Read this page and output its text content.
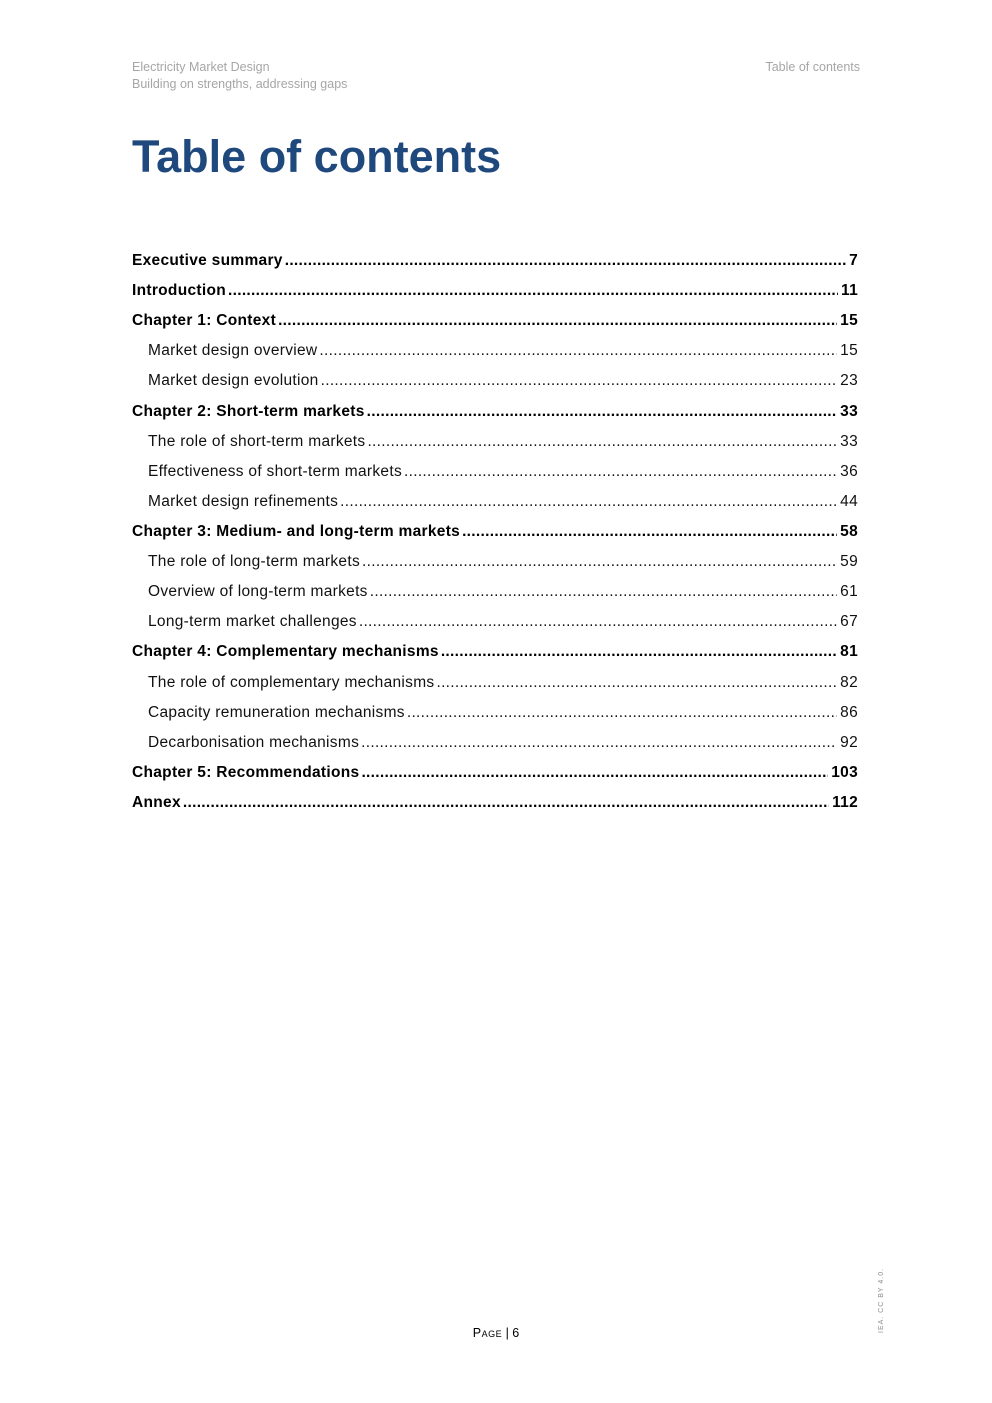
Electricity Market Design
Building on strengths, addressing gaps
Table of contents
Table of contents
Executive summary .....	7
Introduction .....	11
Chapter 1: Context .....	15
Market design overview .....	15
Market design evolution .....	23
Chapter 2: Short-term markets .....	33
The role of short-term markets .....	33
Effectiveness of short-term markets .....	36
Market design refinements .....	44
Chapter 3: Medium- and long-term markets .....	58
The role of long-term markets .....	59
Overview of long-term markets .....	61
Long-term market challenges .....	67
Chapter 4: Complementary mechanisms .....	81
The role of complementary mechanisms .....	82
Capacity remuneration mechanisms .....	86
Decarbonisation mechanisms .....	92
Chapter 5: Recommendations .....	103
Annex .....	112
Page | 6	IEA. CC BY 4.0.
